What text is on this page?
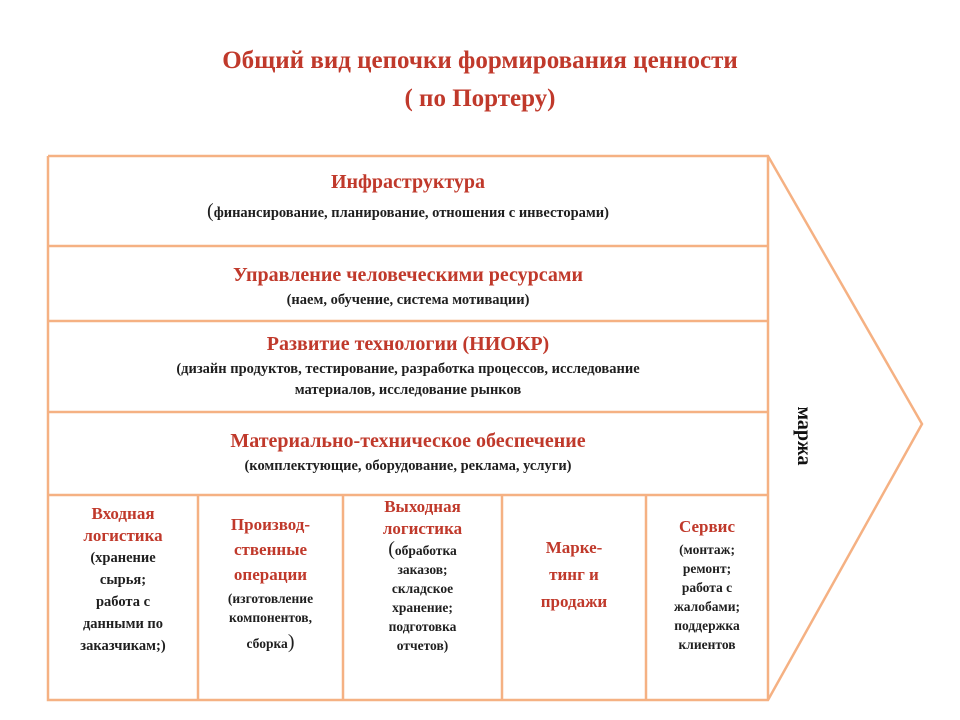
Общий вид цепочки формирования ценности
( по Портеру)
Инфраструктура
(финансирование, планирование, отношения с инвесторами)
Управление человеческими ресурсами
(наем, обучение, система мотивации)
Развитие технологии (НИОКР)
(дизайн продуктов, тестирование, разработка процессов, исследование
материалов, исследование рынков
Материально-техническое обеспечение
(комплектующие, оборудование, реклама, услуги)
Входная
логистика
(хранение
сырья;
работа с
данными по
заказчикам;)
Производ-
ственные
операции
(изготовление
компонентов,
сборка)
Выходная
логистика
(обработка
заказов;
складское
хранение;
подготовка
отчетов)
Марке-
тинг и
продажи
Сервис
(монтаж;
ремонт;
работа с
жалобами;
поддержка
клиентов
маржа
